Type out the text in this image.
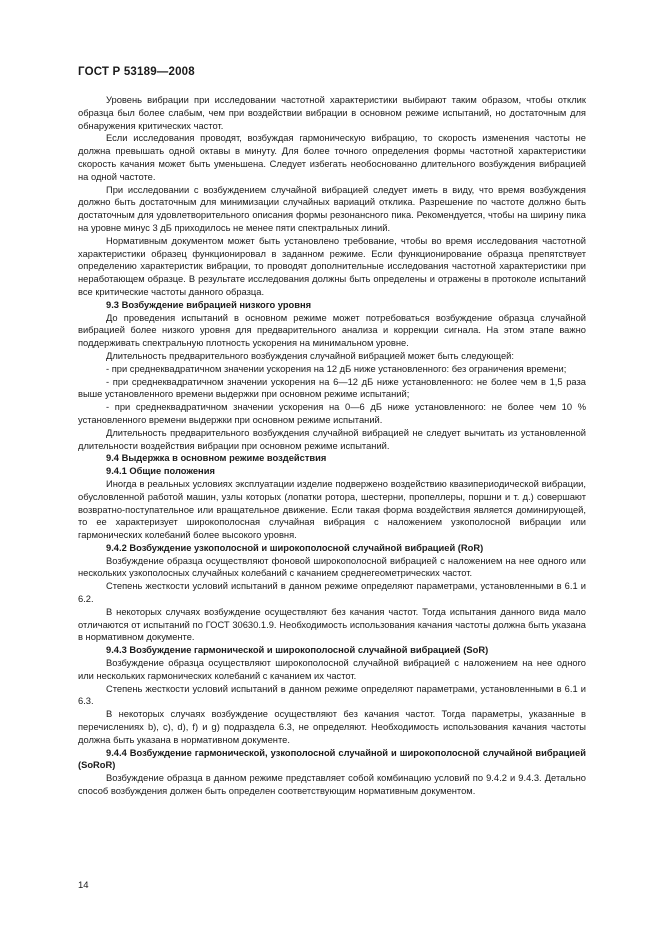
ГОСТ Р 53189—2008

Уровень вибрации при исследовании частотной характеристики выбирают таким образом, чтобы отклик образца был более слабым, чем при воздействии вибрации в основном режиме испытаний, но достаточным для обнаружения критических частот.

Если исследования проводят, возбуждая гармоническую вибрацию, то скорость изменения частоты не должна превышать одной октавы в минуту. Для более точного определения формы частотной характеристики скорость качания может быть уменьшена. Следует избегать необоснованно длительного возбуждения вибрацией на одной частоте.

При исследовании с возбуждением случайной вибрацией следует иметь в виду, что время возбуждения должно быть достаточным для минимизации случайных вариаций отклика. Разрешение по частоте должно быть достаточным для удовлетворительного описания формы резонансного пика. Рекомендуется, чтобы на ширину пика на уровне минус 3 дБ приходилось не менее пяти спектральных линий.

Нормативным документом может быть установлено требование, чтобы во время исследования частотной характеристики образец функционировал в заданном режиме. Если функционирование образца препятствует определению характеристик вибрации, то проводят дополнительные исследования частотной характеристики при неработающем образце. В результате исследования должны быть определены и отражены в протоколе испытаний все критические частоты данного образца.

9.3 Возбуждение вибрацией низкого уровня

До проведения испытаний в основном режиме может потребоваться возбуждение образца случайной вибрацией более низкого уровня для предварительного анализа и коррекции сигнала. На этом этапе важно поддерживать спектральную плотность ускорения на минимальном уровне.

Длительность предварительного возбуждения случайной вибрацией может быть следующей:

- при среднеквадратичном значении ускорения на 12 дБ ниже установленного: без ограничения времени;

- при среднеквадратичном значении ускорения на 6—12 дБ ниже установленного: не более чем в 1,5 раза выше установленного времени выдержки при основном режиме испытаний;

- при среднеквадратичном значении ускорения на 0—6 дБ ниже установленного: не более чем 10 % установленного времени выдержки при основном режиме испытаний.

Длительность предварительного возбуждения случайной вибрацией не следует вычитать из установленной длительности воздействия вибрации при основном режиме испытаний.

9.4 Выдержка в основном режиме воздействия

9.4.1 Общие положения

Иногда в реальных условиях эксплуатации изделие подвержено воздействию квазипериодической вибрации, обусловленной работой машин, узлы которых (лопатки ротора, шестерни, пропеллеры, поршни и т. д.) совершают возвратно-поступательное или вращательное движение. Если такая форма воздействия является доминирующей, то ее характеризует широкополосная случайная вибрация с наложением узкополосной вибрации или гармонических колебаний более высокого уровня.

9.4.2 Возбуждение узкополосной и широкополосной случайной вибрацией (RoR)

Возбуждение образца осуществляют фоновой широкополосной вибрацией с наложением на нее одного или нескольких узкополосных случайных колебаний с качанием среднегеометрических частот.

Степень жесткости условий испытаний в данном режиме определяют параметрами, установленными в 6.1 и 6.2.

В некоторых случаях возбуждение осуществляют без качания частот. Тогда испытания данного вида мало отличаются от испытаний по ГОСТ 30630.1.9. Необходимость использования качания частоты должна быть указана в нормативном документе.

9.4.3 Возбуждение гармонической и широкополосной случайной вибрацией (SoR)

Возбуждение образца осуществляют широкополосной случайной вибрацией с наложением на нее одного или нескольких гармонических колебаний с качанием их частот.

Степень жесткости условий испытаний в данном режиме определяют параметрами, установленными в 6.1 и 6.3.

В некоторых случаях возбуждение осуществляют без качания частот. Тогда параметры, указанные в перечислениях b), c), d), f) и g) подраздела 6.3, не определяют. Необходимость использования качания частоты должна быть указана в нормативном документе.

9.4.4 Возбуждение гармонической, узкополосной случайной и широкополосной случайной вибрацией (SoRoR)

Возбуждение образца в данном режиме представляет собой комбинацию условий по 9.4.2 и 9.4.3. Детально способ возбуждения должен быть определен соответствующим нормативным документом.

14
